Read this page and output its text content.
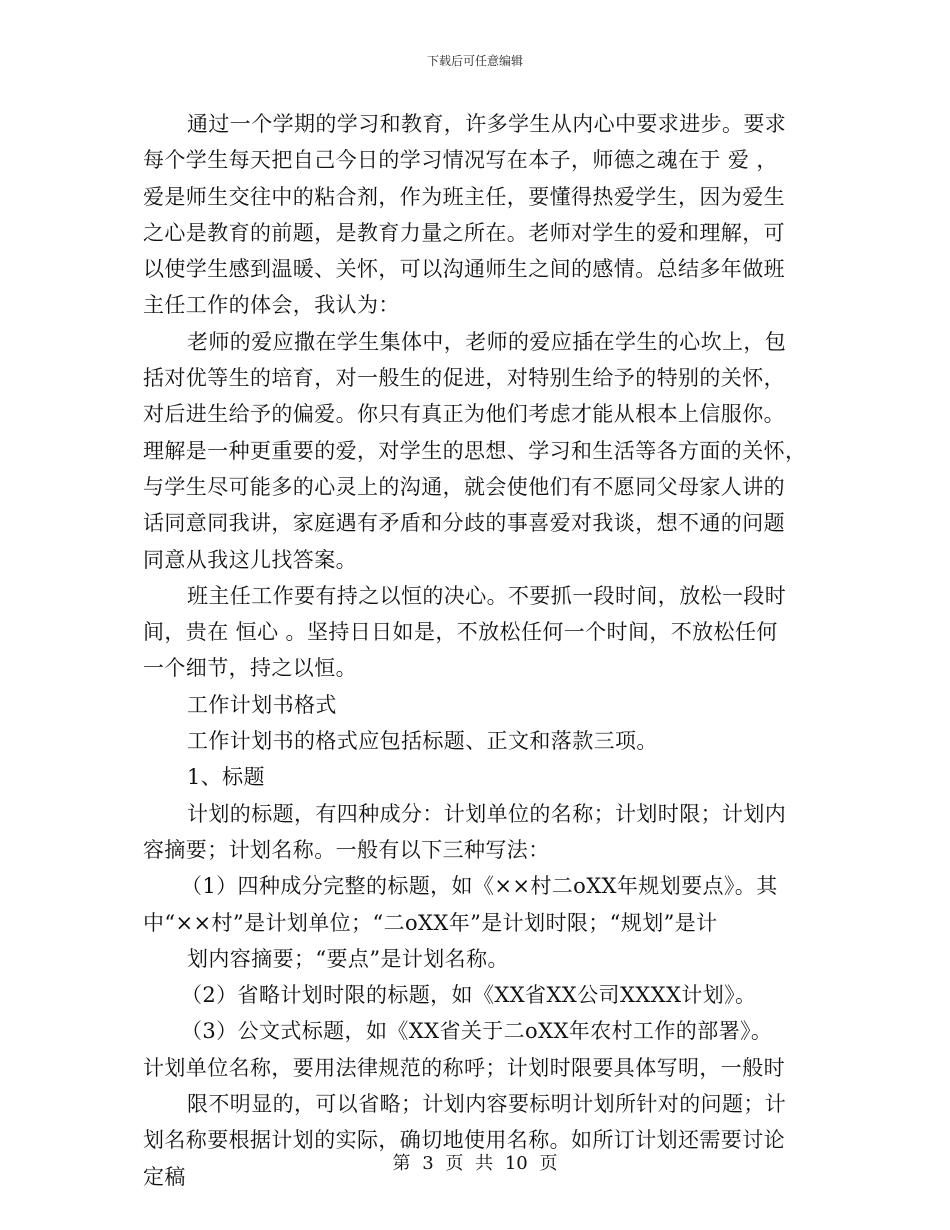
下载后可任意编辑
通过一个学期的学习和教育，许多学生从内心中要求进步。要求
每个学生每天把自己今日的学习情况写在本子，师德之魂在于 爱 ，
爱是师生交往中的粘合剂，作为班主任，要懂得热爱学生，因为爱生
之心是教育的前题，是教育力量之所在。老师对学生的爱和理解，可
以使学生感到温暖、关怀，可以沟通师生之间的感情。总结多年做班
主任工作的体会，我认为：
老师的爱应撒在学生集体中，老师的爱应插在学生的心坎上，包
括对优等生的培育，对一般生的促进，对特别生给予的特别的关怀，
对后进生给予的偏爱。你只有真正为他们考虑才能从根本上信服你。
理解是一种更重要的爱，对学生的思想、学习和生活等各方面的关怀，
与学生尽可能多的心灵上的沟通，就会使他们有不愿同父母家人讲的
话同意同我讲，家庭遇有矛盾和分歧的事喜爱对我谈，想不通的问题
同意从我这儿找答案。
班主任工作要有持之以恒的决心。不要抓一段时间，放松一段时
间，贵在 恒心 。坚持日日如是，不放松任何一个时间，不放松任何
一个细节，持之以恒。
工作计划书格式
工作计划书的格式应包括标题、正文和落款三项。
1、标题
计划的标题，有四种成分：计划单位的名称；计划时限；计划内
容摘要；计划名称。一般有以下三种写法：
（1）四种成分完整的标题，如《××村二oXX年规划要点》。其
中“××村”是计划单位；“二oXX年”是计划时限；“规划”是计
划内容摘要；“要点”是计划名称。
（2）省略计划时限的标题，如《XX省XX公司XXXX计划》。
（3）公文式标题，如《XX省关于二oXX年农村工作的部署》。
计划单位名称，要用法律规范的称呼；计划时限要具体写明，一般时
限不明显的，可以省略；计划内容要标明计划所针对的问题；计
划名称要根据计划的实际，确切地使用名称。如所订计划还需要讨论
定稿
第 3 页 共 10 页
